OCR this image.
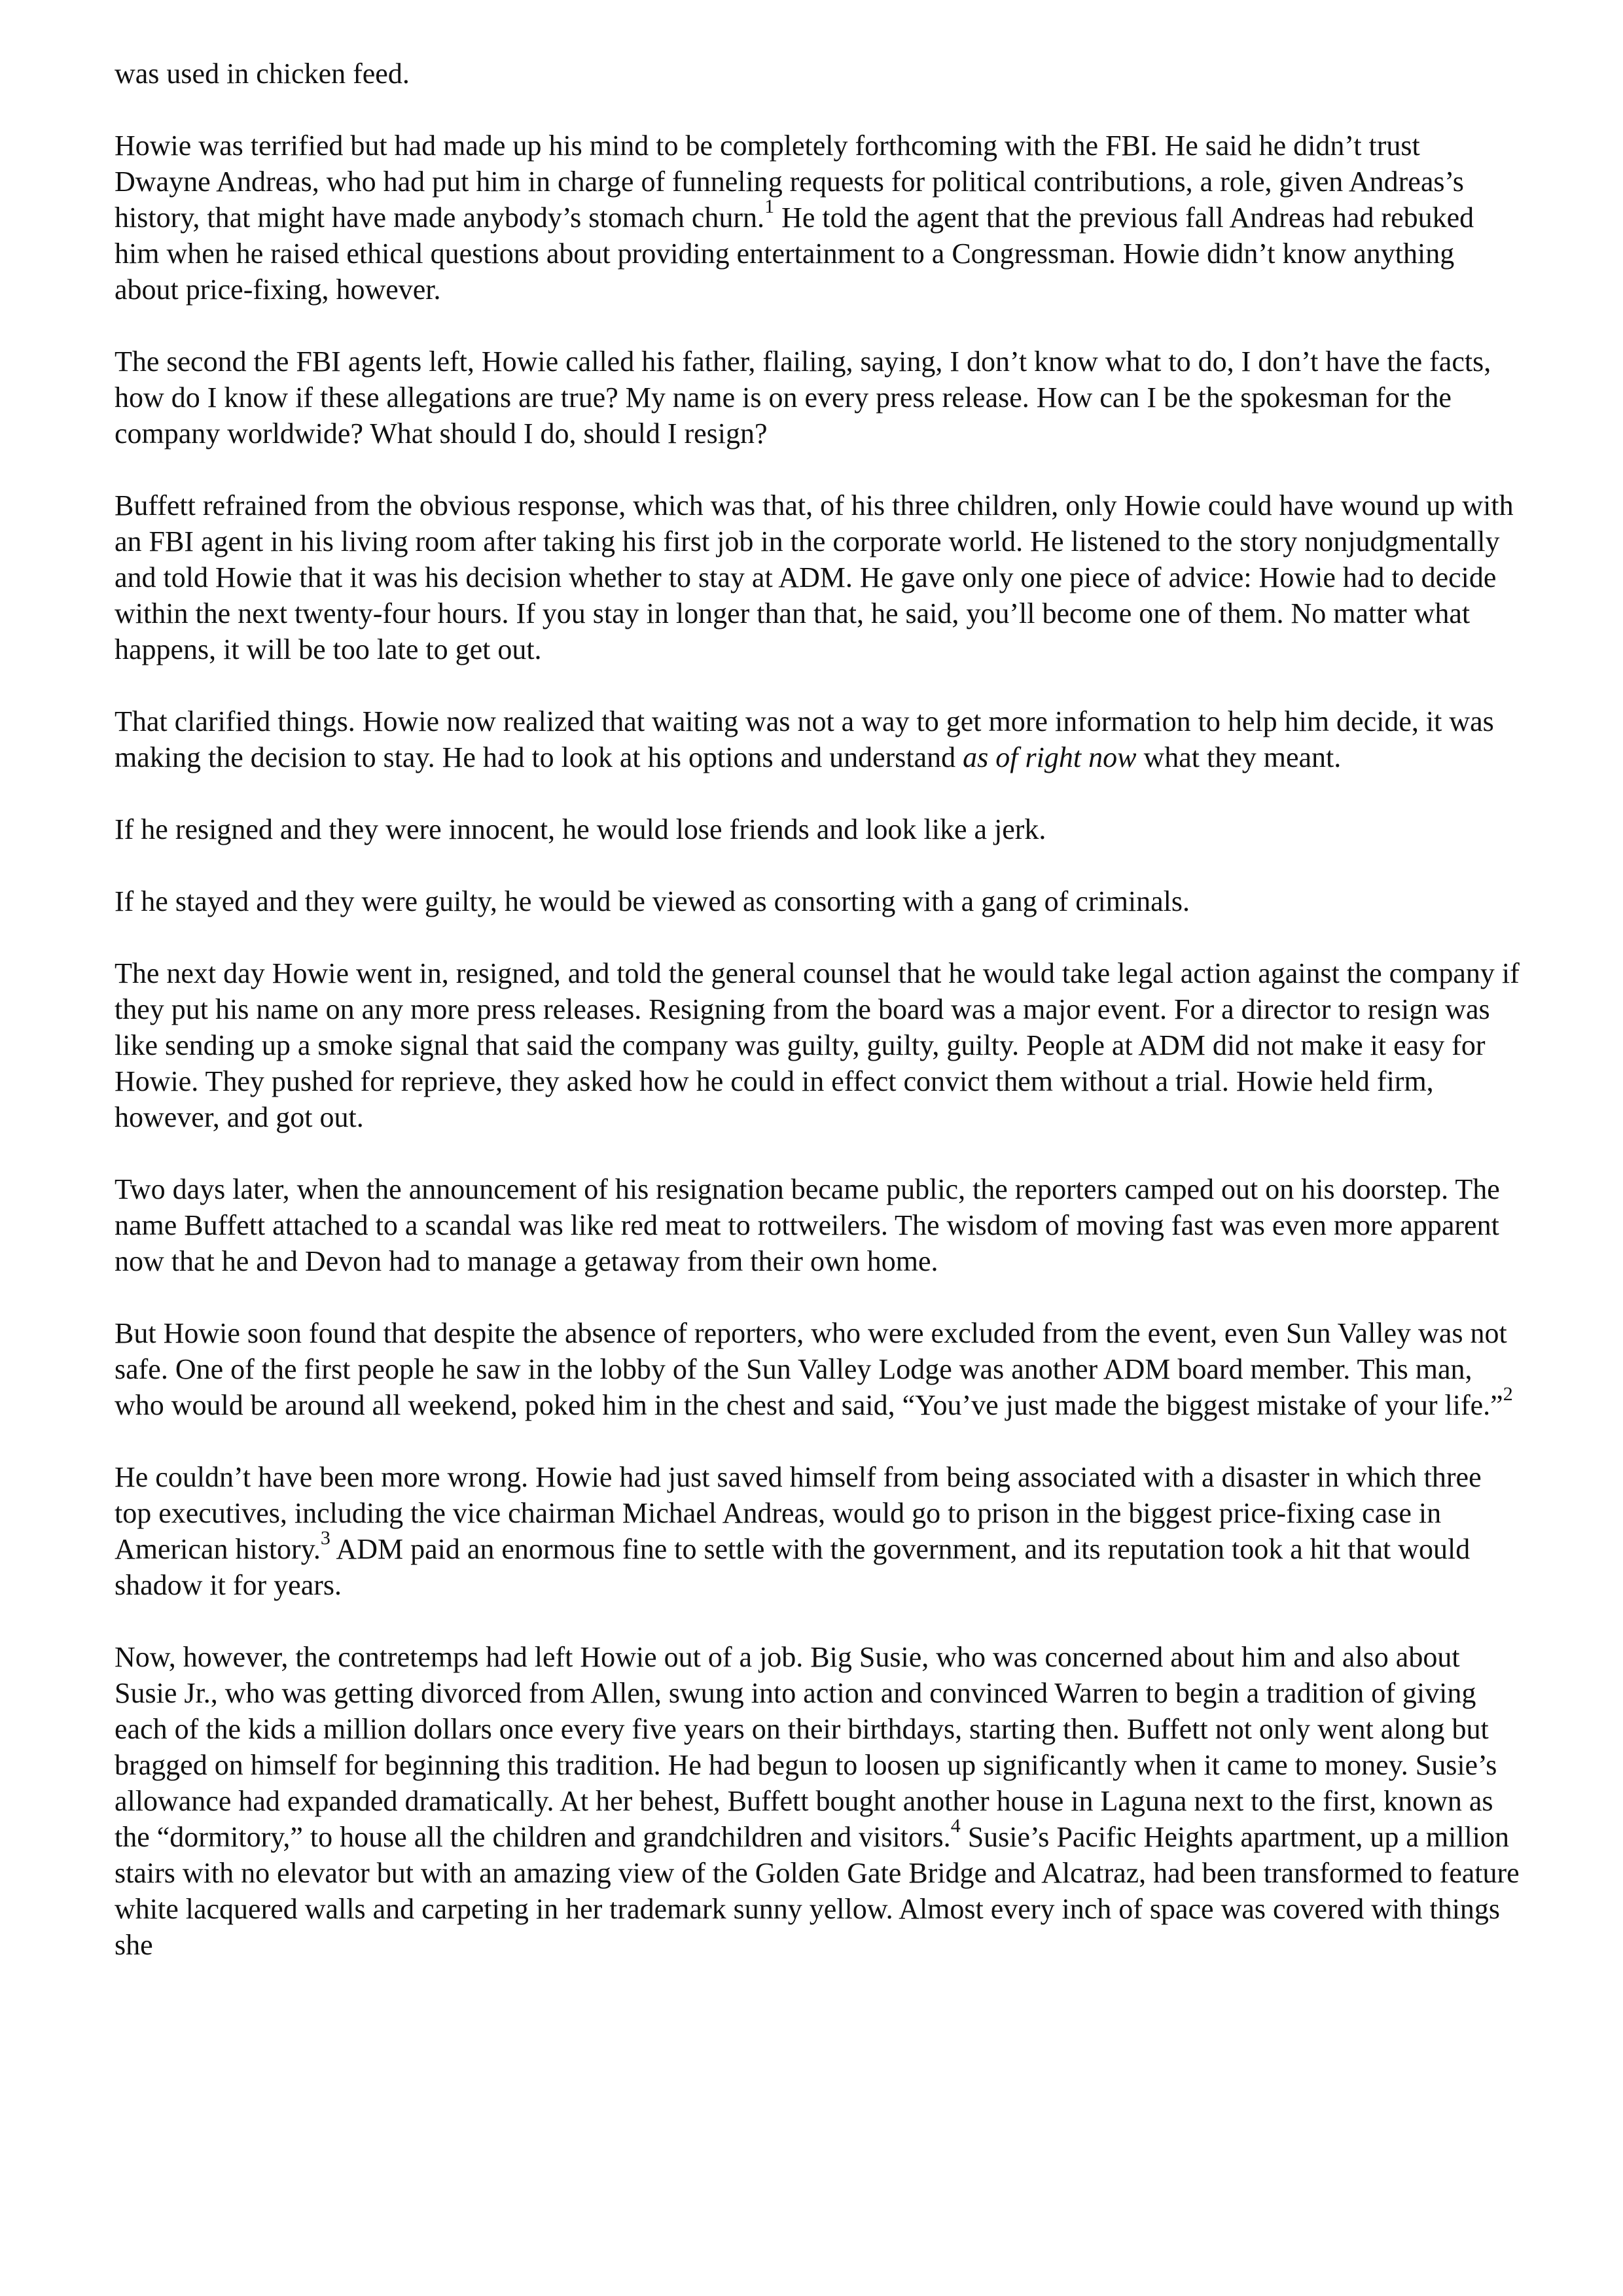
was used in chicken feed.

Howie was terrified but had made up his mind to be completely forthcoming with the FBI. He said he didn’t trust Dwayne Andreas, who had put him in charge of funneling requests for political contributions, a role, given Andreas’s history, that might have made anybody’s stomach churn.$^1$ He told the agent that the previous fall Andreas had rebuked him when he raised ethical questions about providing entertainment to a Congressman. Howie didn’t know anything about price-fixing, however.

The second the FBI agents left, Howie called his father, flailing, saying, I don’t know what to do, I don’t have the facts, how do I know if these allegations are true? My name is on every press release. How can I be the spokesman for the company worldwide? What should I do, should I resign?

Buffett refrained from the obvious response, which was that, of his three children, only Howie could have wound up with an FBI agent in his living room after taking his first job in the corporate world. He listened to the story nonjudgmentally and told Howie that it was his decision whether to stay at ADM. He gave only one piece of advice: Howie had to decide within the next twenty-four hours. If you stay in longer than that, he said, you’ll become one of them. No matter what happens, it will be too late to get out.

That clarified things. Howie now realized that waiting was not a way to get more information to help him decide, it was making the decision to stay. He had to look at his options and understand as of right now what they meant.

If he resigned and they were innocent, he would lose friends and look like a jerk.

If he stayed and they were guilty, he would be viewed as consorting with a gang of criminals.

The next day Howie went in, resigned, and told the general counsel that he would take legal action against the company if they put his name on any more press releases. Resigning from the board was a major event. For a director to resign was like sending up a smoke signal that said the company was guilty, guilty, guilty. People at ADM did not make it easy for Howie. They pushed for reprieve, they asked how he could in effect convict them without a trial. Howie held firm, however, and got out.

Two days later, when the announcement of his resignation became public, the reporters camped out on his doorstep. The name Buffett attached to a scandal was like red meat to rottweilers. The wisdom of moving fast was even more apparent now that he and Devon had to manage a getaway from their own home.

But Howie soon found that despite the absence of reporters, who were excluded from the event, even Sun Valley was not safe. One of the first people he saw in the lobby of the Sun Valley Lodge was another ADM board member. This man, who would be around all weekend, poked him in the chest and said, “You’ve just made the biggest mistake of your life.”$^2$

He couldn’t have been more wrong. Howie had just saved himself from being associated with a disaster in which three top executives, including the vice chairman Michael Andreas, would go to prison in the biggest price-fixing case in American history.$^3$ ADM paid an enormous fine to settle with the government, and its reputation took a hit that would shadow it for years.

Now, however, the contretemps had left Howie out of a job. Big Susie, who was concerned about him and also about Susie Jr., who was getting divorced from Allen, swung into action and convinced Warren to begin a tradition of giving each of the kids a million dollars once every five years on their birthdays, starting then. Buffett not only went along but bragged on himself for beginning this tradition. He had begun to loosen up significantly when it came to money. Susie’s allowance had expanded dramatically. At her behest, Buffett bought another house in Laguna next to the first, known as the “dormitory,” to house all the children and grandchildren and visitors.$^4$ Susie’s Pacific Heights apartment, up a million stairs with no elevator but with an amazing view of the Golden Gate Bridge and Alcatraz, had been transformed to feature white lacquered walls and carpeting in her trademark sunny yellow. Almost every inch of space was covered with things she
